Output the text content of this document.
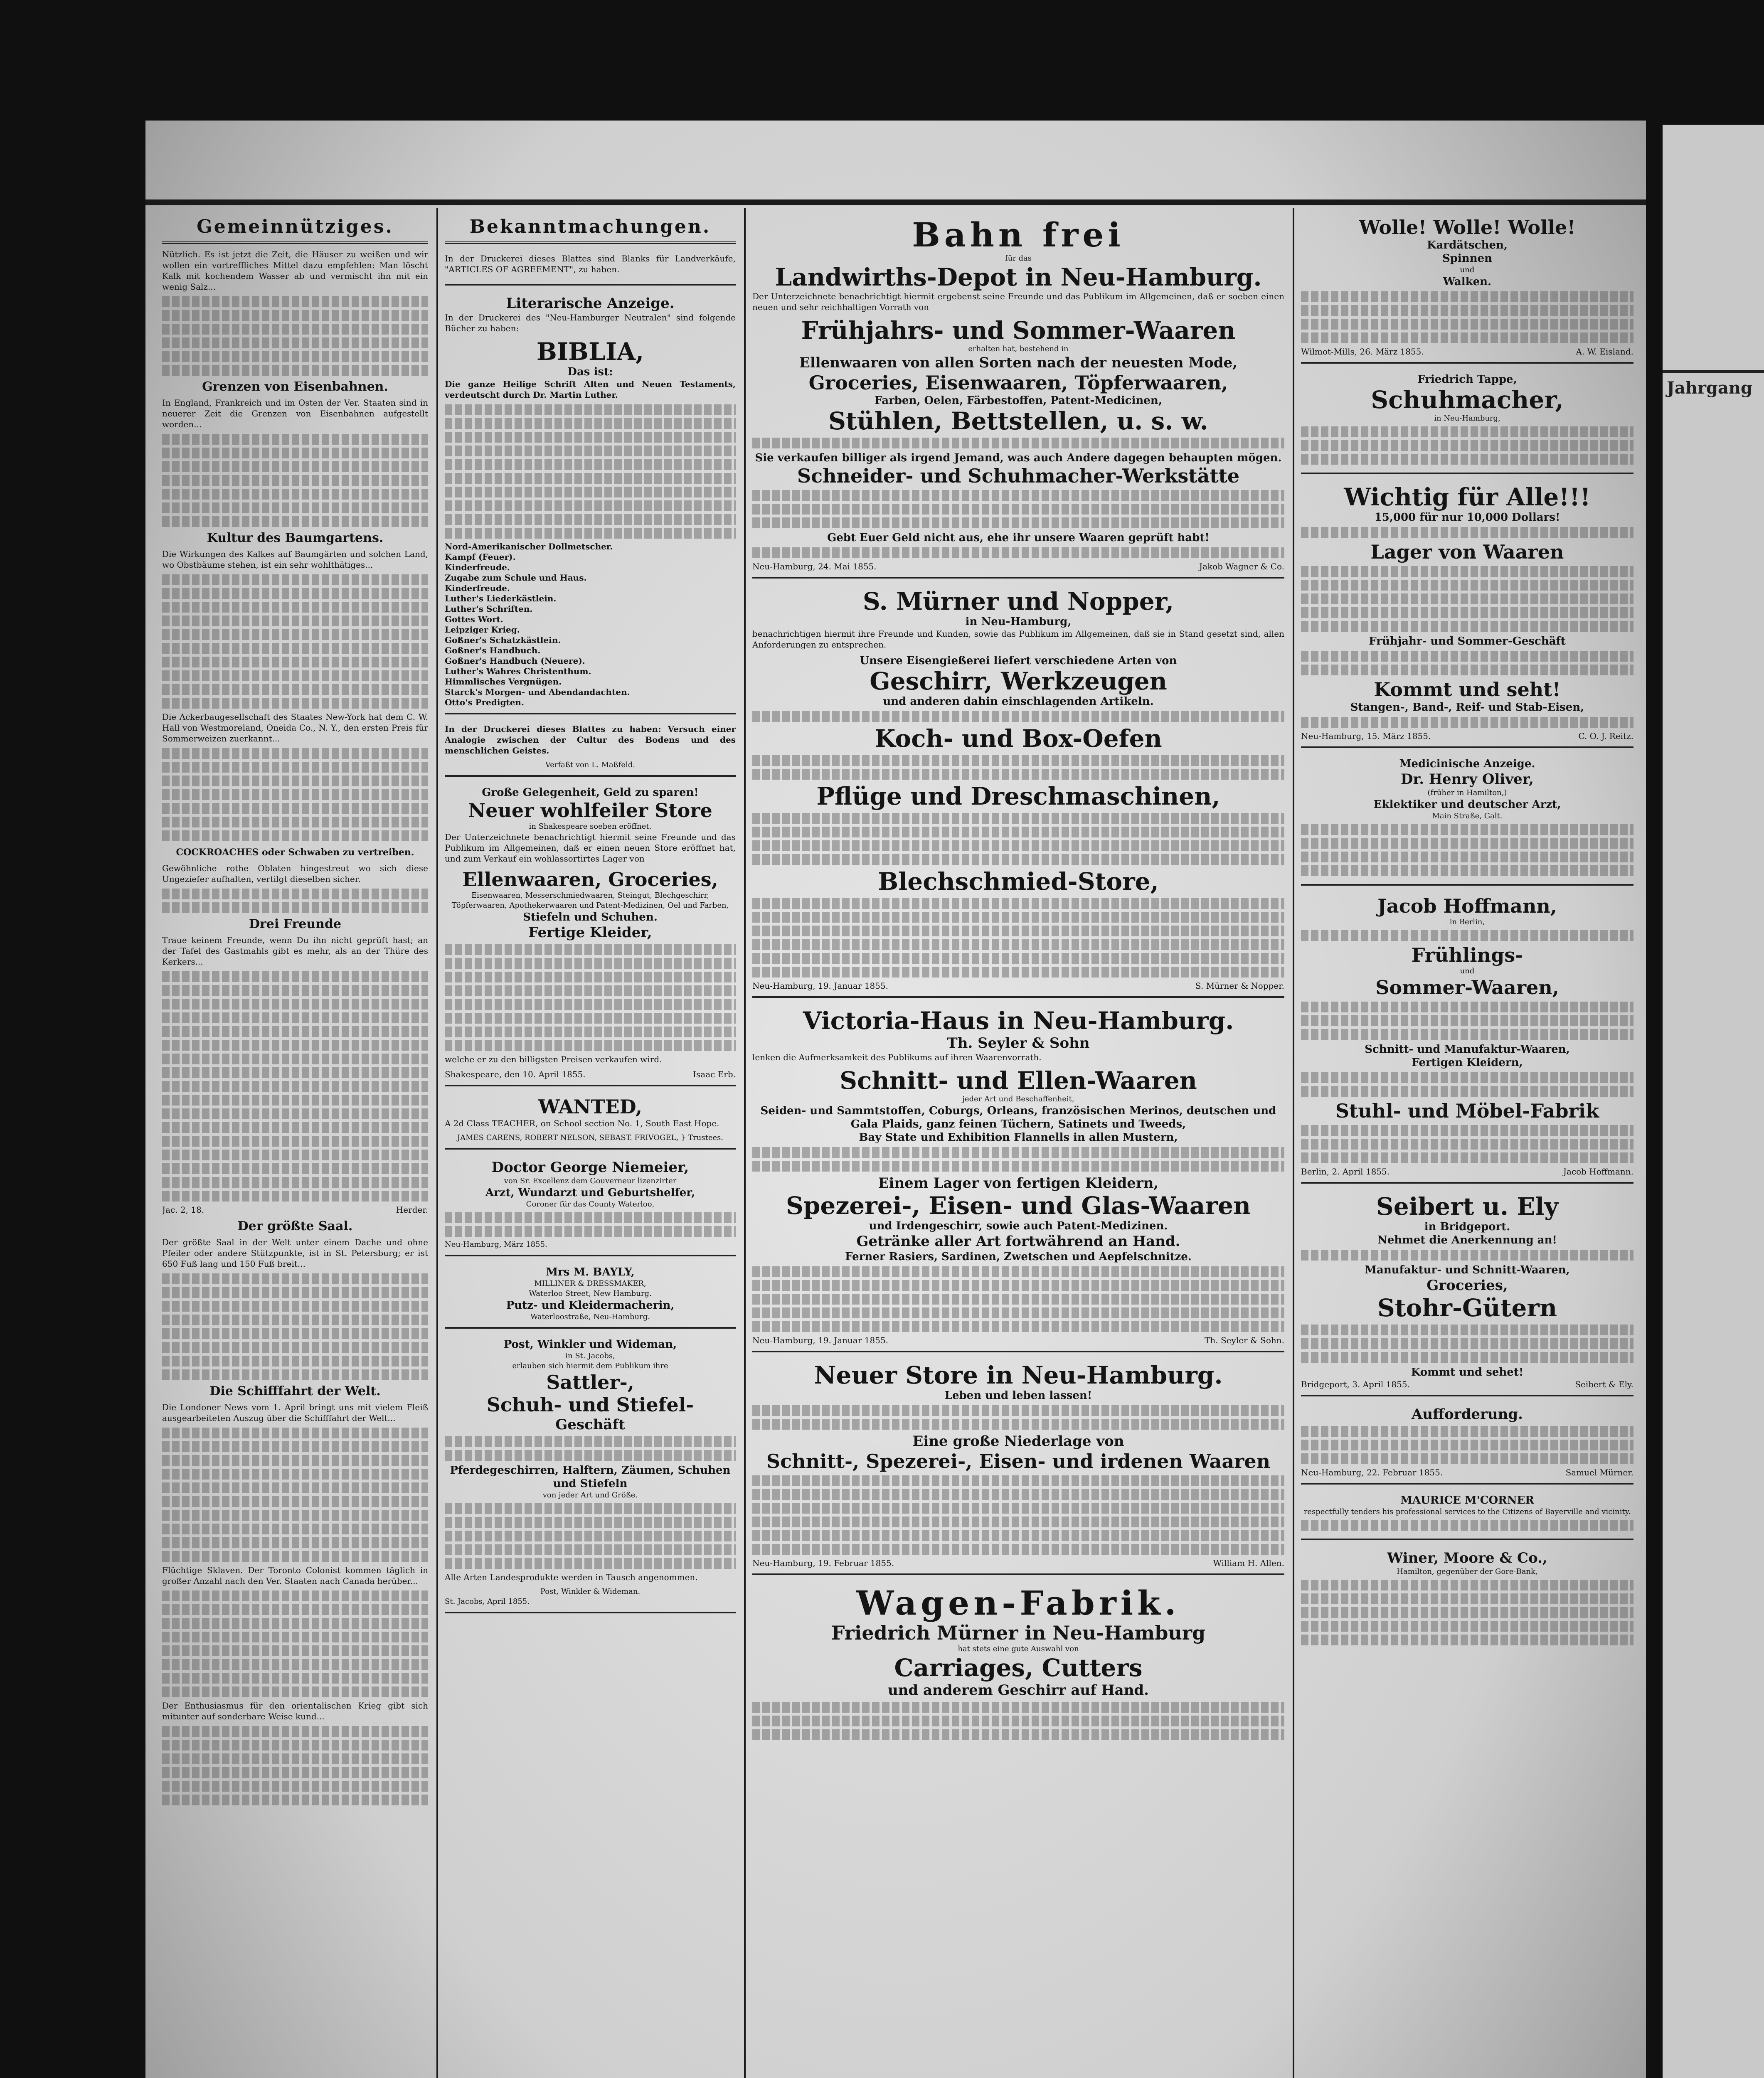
Jahrgang
Gemeinnütziges.

Nützlich. Es ist jetzt die Zeit, die Häuser zu weißen und wir wollen ein vortreffliches Mittel dazu empfehlen: Man löscht Kalk mit kochendem Wasser ab und vermischt ihn mit ein wenig Salz...

Grenzen von Eisenbahnen.

In England, Frankreich und im Osten der Ver. Staaten sind in neuerer Zeit die Grenzen von Eisenbahnen aufgestellt worden...

Kultur des Baumgartens.

Die Wirkungen des Kalkes auf Baumgärten und solchen Land, wo Obstbäume stehen, ist ein sehr wohlthätiges...

Die Ackerbaugesellschaft des Staates New-York hat dem C. W. Hall von Westmoreland, Oneida Co., N. Y., den ersten Preis für Sommerweizen zuerkannt...

COCKROACHES oder Schwaben zu vertreiben.

Gewöhnliche rothe Oblaten hingestreut wo sich diese Ungeziefer aufhalten, vertilgt dieselben sicher.

Drei Freunde

Traue keinem Freunde, wenn Du ihn nicht geprüft hast; an der Tafel des Gastmahls gibt es mehr, als an der Thüre des Kerkers...

Jac. 2, 18.	Herder.
Der größte Saal.

Der größte Saal in der Welt unter einem Dache und ohne Pfeiler oder andere Stützpunkte, ist in St. Petersburg; er ist 650 Fuß lang und 150 Fuß breit...

Die Schifffahrt der Welt.

Die Londoner News vom 1. April bringt uns mit vielem Fleiß ausgearbeiteten Auszug über die Schifffahrt der Welt...

Flüchtige Sklaven. Der Toronto Colonist kommen täglich in großer Anzahl nach den Ver. Staaten nach Canada herüber...

Der Enthusiasmus für den orientalischen Krieg gibt sich mitunter auf sonderbare Weise kund...

Bekanntmachungen.

In der Druckerei dieses Blattes sind Blanks für Landverkäufe, "ARTICLES OF AGREEMENT", zu haben.

Literarische Anzeige.

In der Druckerei des "Neu-Hamburger Neutralen" sind folgende Bücher zu haben:

BIBLIA,
Das ist:

Die ganze Heilige Schrift Alten und Neuen Testaments, verdeutscht durch Dr. Martin Luther.

Nord-Amerikanischer Dollmetscher.
Kampf (Feuer).
Kinderfreude.
Zugabe zum Schule und Haus.
Kinderfreude.
Luther's Liederkästlein.
Luther's Schriften.
Gottes Wort.
Leipziger Krieg.
Goßner's Schatzkästlein.
Goßner's Handbuch.
Goßner's Handbuch (Neuere).
Luther's Wahres Christenthum.
Himmlisches Vergnügen.
Starck's Morgen- und Abendandachten.
Otto's Predigten.

In der Druckerei dieses Blattes zu haben: Versuch einer Analogie zwischen der Cultur des Bodens und des menschlichen Geistes.

Verfaßt von L. Maßfeld.
Große Gelegenheit, Geld zu sparen!
Neuer wohlfeiler Store
in Shakespeare soeben eröffnet.

Der Unterzeichnete benachrichtigt hiermit seine Freunde und das Publikum im Allgemeinen, daß er einen neuen Store eröffnet hat, und zum Verkauf ein wohlassortirtes Lager von

Ellenwaaren, Groceries,
Eisenwaaren, Messerschmiedwaaren, Steingut, Blechgeschirr, Töpferwaaren, Apothekerwaaren und Patent-Medizinen, Oel und Farben,
Stiefeln und Schuhen.
Fertige Kleider,

welche er zu den billigsten Preisen verkaufen wird.

Shakespeare, den 10. April 1855.	Isaac Erb.
WANTED,

A 2d Class TEACHER, on School section No. 1, South East Hope.

JAMES CARENS, ROBERT NELSON, SEBAST. FRIVOGEL, } Trustees.
Doctor George Niemeier,
von Sr. Excellenz dem Gouverneur lizenzirter
Arzt, Wundarzt und Geburtshelfer,
Coroner für das County Waterloo,
Neu-Hamburg, März 1855.
Mrs M. BAYLY,
MILLINER & DRESSMAKER,
Waterloo Street, New Hamburg.
Putz- und Kleidermacherin,
Waterloostraße, Neu-Hamburg.
Post, Winkler und Wideman,
in St. Jacobs,
erlauben sich hiermit dem Publikum ihre
Sattler-,
Schuh- und Stiefel-
Geschäft
Pferdegeschirren, Halftern, Zäumen, Schuhen und Stiefeln
von jeder Art und Größe.

Alle Arten Landesprodukte werden in Tausch angenommen.

Post, Winkler & Wideman.
St. Jacobs, April 1855.
Bahn frei
für das
Landwirths-Depot in Neu-Hamburg.

Der Unterzeichnete benachrichtigt hiermit ergebenst seine Freunde und das Publikum im Allgemeinen, daß er soeben einen neuen und sehr reichhaltigen Vorrath von

Frühjahrs- und Sommer-Waaren
erhalten hat, bestehend in
Ellenwaaren von allen Sorten nach der neuesten Mode,
Groceries, Eisenwaaren, Töpferwaaren,
Farben, Oelen, Färbestoffen, Patent-Medicinen,
Stühlen, Bettstellen, u. s. w.
Sie verkaufen billiger als irgend Jemand, was auch Andere dagegen behaupten mögen.
Schneider- und Schuhmacher-Werkstätte
Gebt Euer Geld nicht aus, ehe ihr unsere Waaren geprüft habt!
Neu-Hamburg, 24. Mai 1855.	Jakob Wagner & Co.
S. Mürner und Nopper,
in Neu-Hamburg,

benachrichtigen hiermit ihre Freunde und Kunden, sowie das Publikum im Allgemeinen, daß sie in Stand gesetzt sind, allen Anforderungen zu entsprechen.

Unsere Eisengießerei liefert verschiedene Arten von
Geschirr, Werkzeugen
und anderen dahin einschlagenden Artikeln.
Koch- und Box-Oefen
Pflüge und Dreschmaschinen,
Blechschmied-Store,
Neu-Hamburg, 19. Januar 1855.	S. Mürner & Nopper.
Victoria-Haus in Neu-Hamburg.
Th. Seyler & Sohn

lenken die Aufmerksamkeit des Publikums auf ihren Waarenvorrath.

Schnitt- und Ellen-Waaren
jeder Art und Beschaffenheit,
Seiden- und Sammtstoffen, Coburgs, Orleans, französischen Merinos, deutschen und Gala Plaids, ganz feinen Tüchern, Satinets und Tweeds,
Bay State und Exhibition Flannells in allen Mustern,
Einem Lager von fertigen Kleidern,
Spezerei-, Eisen- und Glas-Waaren
und Irdengeschirr, sowie auch Patent-Medizinen.
Getränke aller Art fortwährend an Hand.
Ferner Rasiers, Sardinen, Zwetschen und Aepfelschnitze.
Neu-Hamburg, 19. Januar 1855.	Th. Seyler & Sohn.
Neuer Store in Neu-Hamburg.
Leben und leben lassen!
Eine große Niederlage von
Schnitt-, Spezerei-, Eisen- und irdenen Waaren
Neu-Hamburg, 19. Februar 1855.	William H. Allen.
Wagen-Fabrik.
Friedrich Mürner in Neu-Hamburg
hat stets eine gute Auswahl von
Carriages, Cutters
und anderem Geschirr auf Hand.
Wolle! Wolle! Wolle!
Kardätschen,
Spinnen
und
Walken.
Wilmot-Mills, 26. März 1855.	A. W. Eisland.
Friedrich Tappe,
Schuhmacher,
in Neu-Hamburg,
Wichtig für Alle!!!
15,000 für nur 10,000 Dollars!
Lager von Waaren
Frühjahr- und Sommer-Geschäft
Kommt und seht!
Stangen-, Band-, Reif- und Stab-Eisen,
Neu-Hamburg, 15. März 1855.	C. O. J. Reitz.
Medicinische Anzeige.
Dr. Henry Oliver,
(früher in Hamilton,)
Eklektiker und deutscher Arzt,
Main Straße, Galt.
Jacob Hoffmann,
in Berlin,
Frühlings-
und
Sommer-Waaren,
Schnitt- und Manufaktur-Waaren,
Fertigen Kleidern,
Stuhl- und Möbel-Fabrik
Berlin, 2. April 1855.	Jacob Hoffmann.
Seibert u. Ely
in Bridgeport.
Nehmet die Anerkennung an!
Manufaktur- und Schnitt-Waaren,
Groceries,
Stohr-Gütern
Kommt und sehet!
Bridgeport, 3. April 1855.	Seibert & Ely.
Aufforderung.
Neu-Hamburg, 22. Februar 1855.	Samuel Mürner.
MAURICE M'CORNER
respectfully tenders his professional services to the Citizens of Bayerville and vicinity.
Winer, Moore & Co.,
Hamilton, gegenüber der Gore-Bank,
